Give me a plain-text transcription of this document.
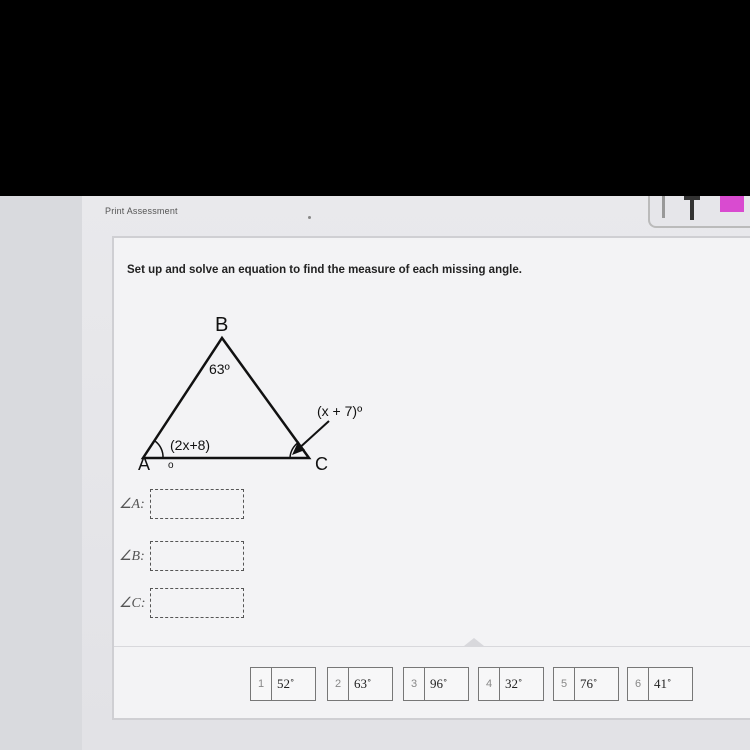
Print Assessment
Set up and solve an equation to find the measure of each missing angle.
B
A	C
63º
(2x+8)
o
(x + 7)º
∠A:
∠B:
∠C:
1 52˚	2 63˚	3 96˚	4 32˚	5 76˚	6 41˚
